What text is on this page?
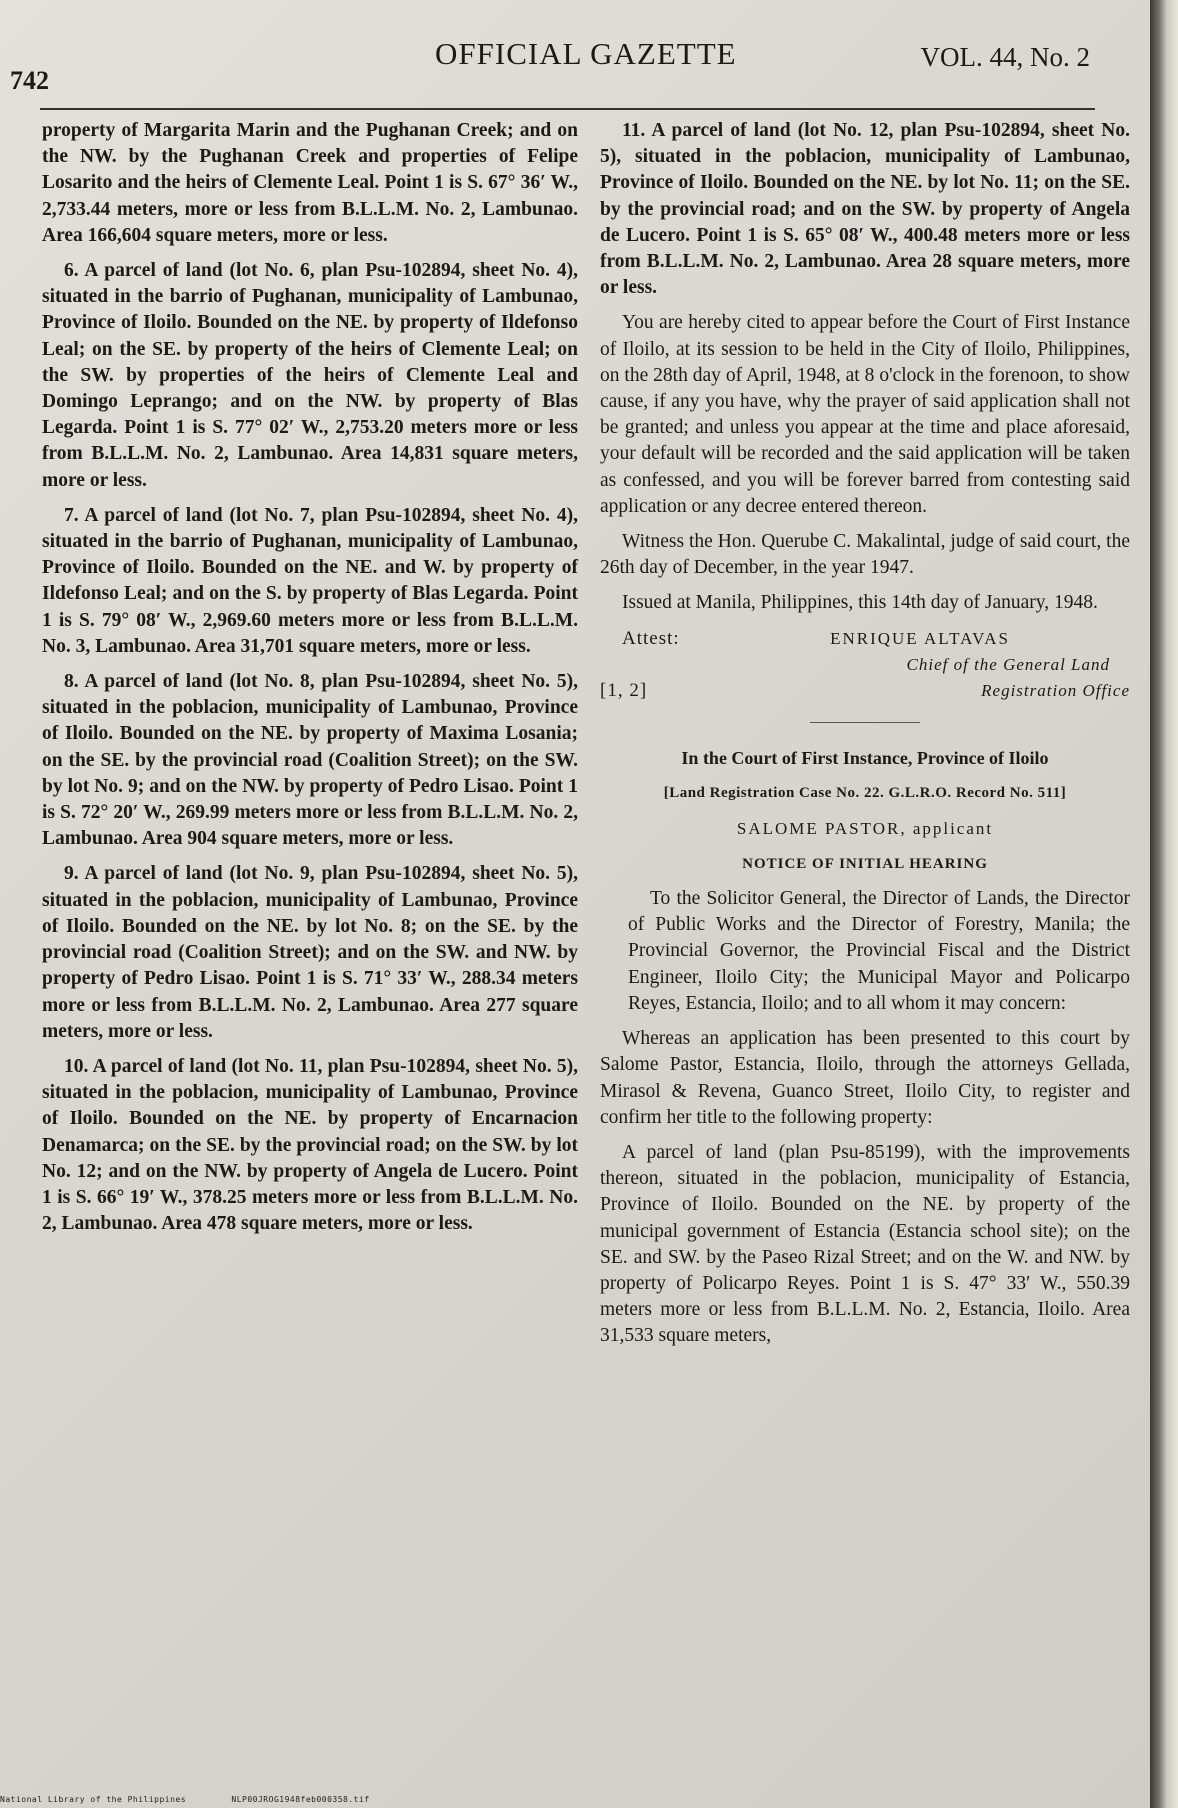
742
OFFICIAL GAZETTE	VOL. 44, No. 2

property of Margarita Marin and the Pughanan Creek; and on the NW. by the Pughanan Creek and properties of Felipe Losarito and the heirs of Clemente Leal. Point 1 is S. 67° 36′ W., 2,733.44 meters, more or less from B.L.L.M. No. 2, Lambunao. Area 166,604 square meters, more or less.

6. A parcel of land (lot No. 6, plan Psu-102894, sheet No. 4), situated in the barrio of Pughanan, municipality of Lambunao, Province of Iloilo. Bounded on the NE. by property of Ildefonso Leal; on the SE. by property of the heirs of Clemente Leal; on the SW. by properties of the heirs of Clemente Leal and Domingo Leprango; and on the NW. by property of Blas Legarda. Point 1 is S. 77° 02′ W., 2,753.20 meters more or less from B.L.L.M. No. 2, Lambunao. Area 14,831 square meters, more or less.

7. A parcel of land (lot No. 7, plan Psu-102894, sheet No. 4), situated in the barrio of Pughanan, municipality of Lambunao, Province of Iloilo. Bounded on the NE. and W. by property of Ildefonso Leal; and on the S. by property of Blas Legarda. Point 1 is S. 79° 08′ W., 2,969.60 meters more or less from B.L.L.M. No. 3, Lambunao. Area 31,701 square meters, more or less.

8. A parcel of land (lot No. 8, plan Psu-102894, sheet No. 5), situated in the poblacion, municipality of Lambunao, Province of Iloilo. Bounded on the NE. by property of Maxima Losania; on the SE. by the provincial road (Coalition Street); on the SW. by lot No. 9; and on the NW. by property of Pedro Lisao. Point 1 is S. 72° 20′ W., 269.99 meters more or less from B.L.L.M. No. 2, Lambunao. Area 904 square meters, more or less.

9. A parcel of land (lot No. 9, plan Psu-102894, sheet No. 5), situated in the poblacion, municipality of Lambunao, Province of Iloilo. Bounded on the NE. by lot No. 8; on the SE. by the provincial road (Coalition Street); and on the SW. and NW. by property of Pedro Lisao. Point 1 is S. 71° 33′ W., 288.34 meters more or less from B.L.L.M. No. 2, Lambunao. Area 277 square meters, more or less.

10. A parcel of land (lot No. 11, plan Psu-102894, sheet No. 5), situated in the poblacion, municipality of Lambunao, Province of Iloilo. Bounded on the NE. by property of Encarnacion Denamarca; on the SE. by the provincial road; on the SW. by lot No. 12; and on the NW. by property of Angela de Lucero. Point 1 is S. 66° 19′ W., 378.25 meters more or less from B.L.L.M. No. 2, Lambunao. Area 478 square meters, more or less.

11. A parcel of land (lot No. 12, plan Psu-102894, sheet No. 5), situated in the poblacion, municipality of Lambunao, Province of Iloilo. Bounded on the NE. by lot No. 11; on the SE. by the provincial road; and on the SW. by property of Angela de Lucero. Point 1 is S. 65° 08′ W., 400.48 meters more or less from B.L.L.M. No. 2, Lambunao. Area 28 square meters, more or less.

You are hereby cited to appear before the Court of First Instance of Iloilo, at its session to be held in the City of Iloilo, Philippines, on the 28th day of April, 1948, at 8 o'clock in the forenoon, to show cause, if any you have, why the prayer of said application shall not be granted; and unless you appear at the time and place aforesaid, your default will be recorded and the said application will be taken as confessed, and you will be forever barred from contesting said application or any decree entered thereon.

Witness the Hon. Querube C. Makalintal, judge of said court, the 26th day of December, in the year 1947.

Issued at Manila, Philippines, this 14th day of January, 1948.

Attest:	ENRIQUE ALTAVAS
Chief of the General Land
[1, 2]	Registration Office

In the Court of First Instance, Province of Iloilo

[Land Registration Case No. 22. G.L.R.O. Record No. 511]

SALOME PASTOR, applicant

NOTICE OF INITIAL HEARING

To the Solicitor General, the Director of Lands, the Director of Public Works and the Director of Forestry, Manila; the Provincial Governor, the Provincial Fiscal and the District Engineer, Iloilo City; the Municipal Mayor and Policarpo Reyes, Estancia, Iloilo; and to all whom it may concern:

Whereas an application has been presented to this court by Salome Pastor, Estancia, Iloilo, through the attorneys Gellada, Mirasol & Revena, Guanco Street, Iloilo City, to register and confirm her title to the following property:

A parcel of land (plan Psu-85199), with the improvements thereon, situated in the poblacion, municipality of Estancia, Province of Iloilo. Bounded on the NE. by property of the municipal government of Estancia (Estancia school site); on the SE. and SW. by the Paseo Rizal Street; and on the W. and NW. by property of Policarpo Reyes. Point 1 is S. 47° 33′ W., 550.39 meters more or less from B.L.L.M. No. 2, Estancia, Iloilo. Area 31,533 square meters,

National Library of the Philippines	NLP00JROG1948feb000358.tif
